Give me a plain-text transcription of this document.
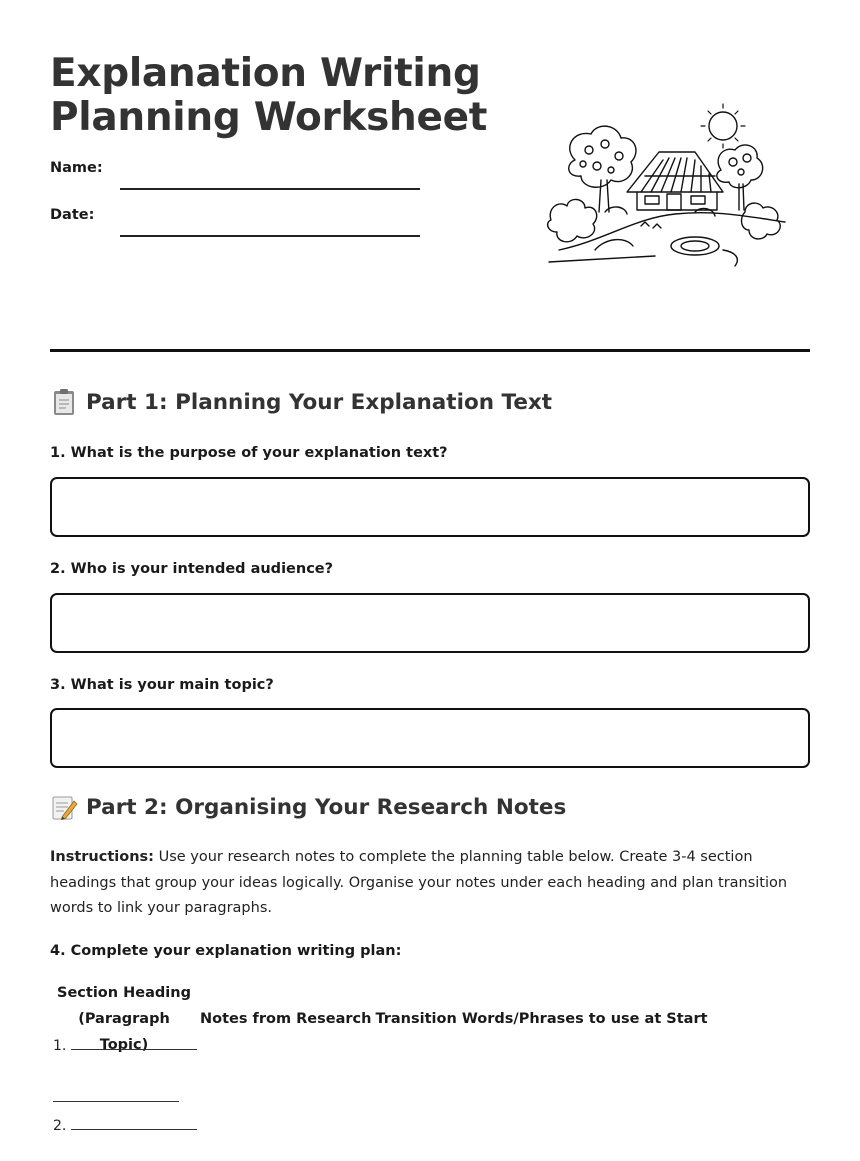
Explanation Writing
Planning Worksheet
Name:
Date:
Part 1: Planning Your Explanation Text
1. What is the purpose of your explanation text?
2. Who is your intended audience?
3. What is your main topic?
Part 2: Organising Your Research Notes

Instructions: Use your research notes to complete the planning table below. Create 3-4 section headings that group your ideas logically. Organise your notes under each heading and plan transition words to link your paragraphs.

4. Complete your explanation writing plan:
Section Heading (Paragraph Topic)	Notes from Research	Transition Words/Phrases to use at Start
1.
2.
